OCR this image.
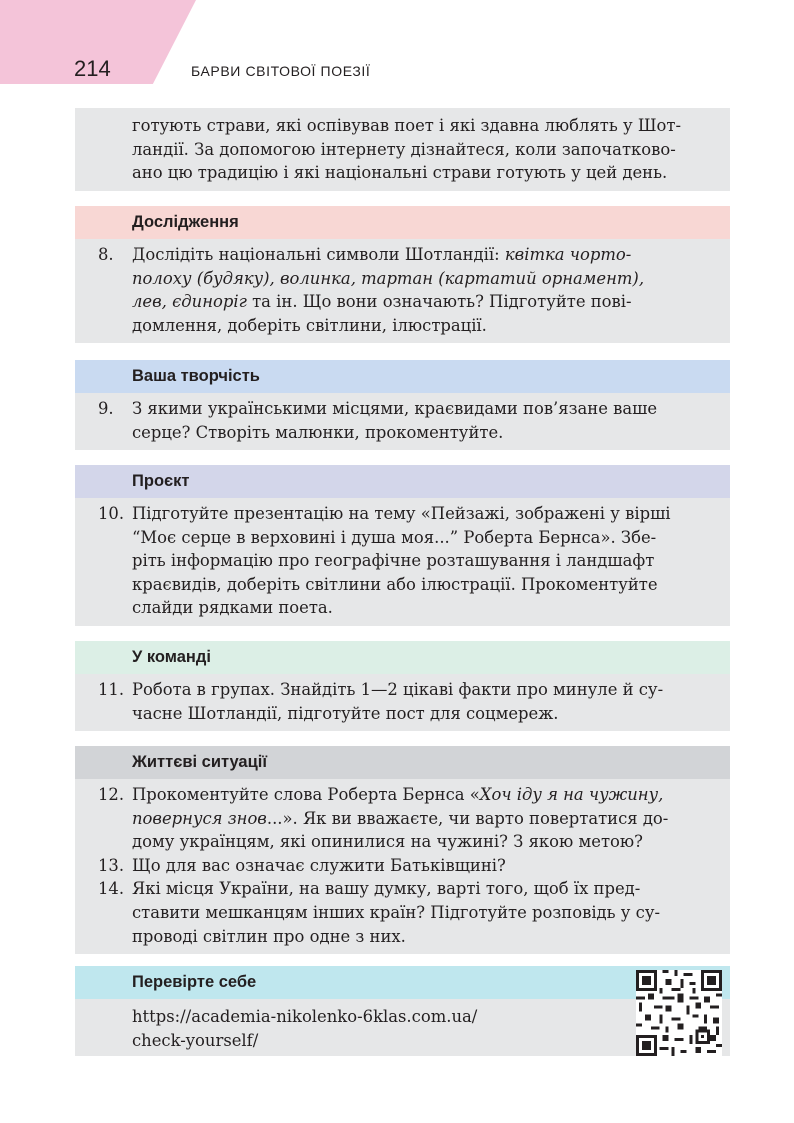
214	БАРВИ СВІТОВОЇ ПОЕЗІЇ

готують страви, які оспівував поет і які здавна люблять у Шот-

ландії. За допомогою інтернету дізнайтеся, коли започатково-

ано цю традицію і які національні страви готують у цей день.

Дослідження
8.	Дослідіть національні символи Шотландії: квітка чорто-

полоху (будяку), волинка, тартан (картатий орнамент),

лев, єдиноріг та ін. Що вони означають? Підготуйте пові-

домлення, доберіть світлини, ілюстрації.

Ваша творчість
9.	З якими українськими місцями, краєвидами пов’язане ваше

серце? Створіть малюнки, прокоментуйте.

Проєкт
10. Підготуйте презентацію на тему «Пейзажі, зображені у вірші

“Моє серце в верховині і душа моя...” Роберта Бернса». Збе-

ріть інформацію про географічне розташування і ландшафт

краєвидів, доберіть світлини або ілюстрації. Прокоментуйте

слайди рядками поета.

У команді
11. Робота в групах. Знайдіть 1—2 цікаві факти про минуле й су-

часне Шотландії, підготуйте пост для соцмереж.

Життєві ситуації
12. Прокоментуйте слова Роберта Бернса «Хоч іду я на чужину,

повернуся знов...». Як ви вважаєте, чи варто повертатися до-

дому українцям, які опинилися на чужині? З якою метою?

13. Що для вас означає служити Батьківщині?

14. Які місця України, на вашу думку, варті того, щоб їх пред-

ставити мешканцям інших країн? Підготуйте розповідь у су-

проводі світлин про одне з них.

Перевірте себе
https://academia-nikolenko-6klas.com.ua/
check-yourself/
